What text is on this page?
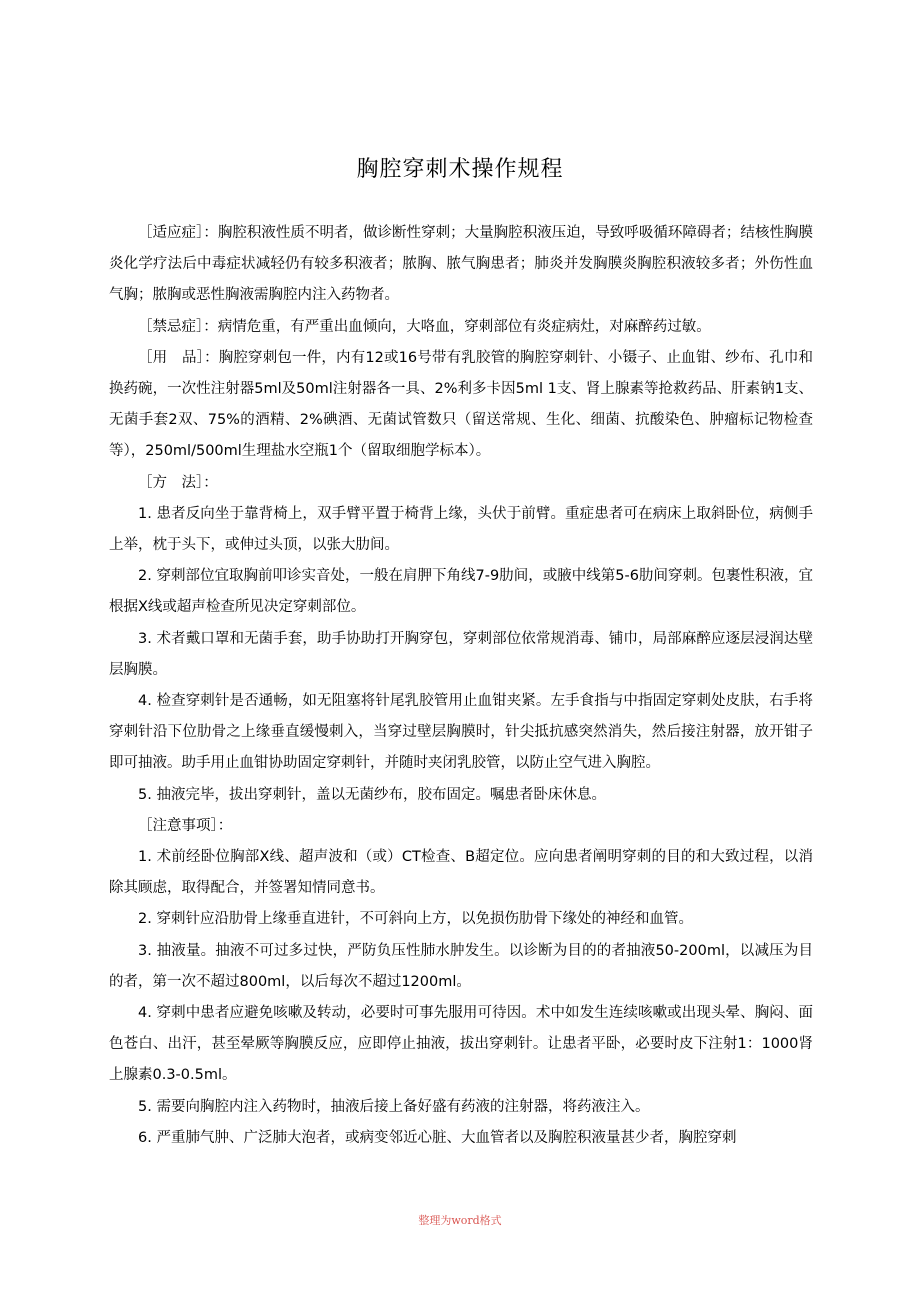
胸腔穿刺术操作规程

［适应症］：胸腔积液性质不明者，做诊断性穿刺；大量胸腔积液压迫，导致呼吸循环障碍者；结核性胸膜炎化学疗法后中毒症状减轻仍有较多积液者；脓胸、脓气胸患者；肺炎并发胸膜炎胸腔积液较多者；外伤性血气胸；脓胸或恶性胸液需胸腔内注入药物者。

［禁忌症］：病情危重，有严重出血倾向，大咯血，穿刺部位有炎症病灶，对麻醉药过敏。

［用　品］：胸腔穿刺包一件，内有12或16号带有乳胶管的胸腔穿刺针、小镊子、止血钳、纱布、孔巾和换药碗，一次性注射器5ml及50ml注射器各一具、2%利多卡因5ml 1支、肾上腺素等抢救药品、肝素钠1支、无菌手套2双、75%的酒精、2%碘酒、无菌试管数只（留送常规、生化、细菌、抗酸染色、肿瘤标记物检查等），250ml/500ml生理盐水空瓶1个（留取细胞学标本）。

［方　法］：

1. 患者反向坐于靠背椅上，双手臂平置于椅背上缘，头伏于前臂。重症患者可在病床上取斜卧位，病侧手上举，枕于头下，或伸过头顶，以张大肋间。

2. 穿刺部位宜取胸前叩诊实音处，一般在肩胛下角线7-9肋间，或腋中线第5-6肋间穿刺。包裹性积液，宜根据X线或超声检查所见决定穿刺部位。

3. 术者戴口罩和无菌手套，助手协助打开胸穿包，穿刺部位依常规消毒、铺巾，局部麻醉应逐层浸润达壁层胸膜。

4. 检查穿刺针是否通畅，如无阻塞将针尾乳胶管用止血钳夹紧。左手食指与中指固定穿刺处皮肤，右手将穿刺针沿下位肋骨之上缘垂直缓慢刺入，当穿过壁层胸膜时，针尖抵抗感突然消失，然后接注射器，放开钳子即可抽液。助手用止血钳协助固定穿刺针，并随时夹闭乳胶管，以防止空气进入胸腔。

5. 抽液完毕，拔出穿刺针，盖以无菌纱布，胶布固定。嘱患者卧床休息。

［注意事项］：

1. 术前经卧位胸部X线、超声波和（或）CT检查、B超定位。应向患者阐明穿刺的目的和大致过程，以消除其顾虑，取得配合，并签署知情同意书。

2. 穿刺针应沿肋骨上缘垂直进针，不可斜向上方，以免损伤肋骨下缘处的神经和血管。

3. 抽液量。抽液不可过多过快，严防负压性肺水肿发生。以诊断为目的的者抽液50-200ml，以减压为目的者，第一次不超过800ml，以后每次不超过1200ml。

4. 穿刺中患者应避免咳嗽及转动，必要时可事先服用可待因。术中如发生连续咳嗽或出现头晕、胸闷、面色苍白、出汗，甚至晕厥等胸膜反应，应即停止抽液，拔出穿刺针。让患者平卧，必要时皮下注射1：1000肾上腺素0.3-0.5ml。

5. 需要向胸腔内注入药物时，抽液后接上备好盛有药液的注射器，将药液注入。

6. 严重肺气肿、广泛肺大泡者，或病变邻近心脏、大血管者以及胸腔积液量甚少者，胸腔穿刺

整理为word格式
